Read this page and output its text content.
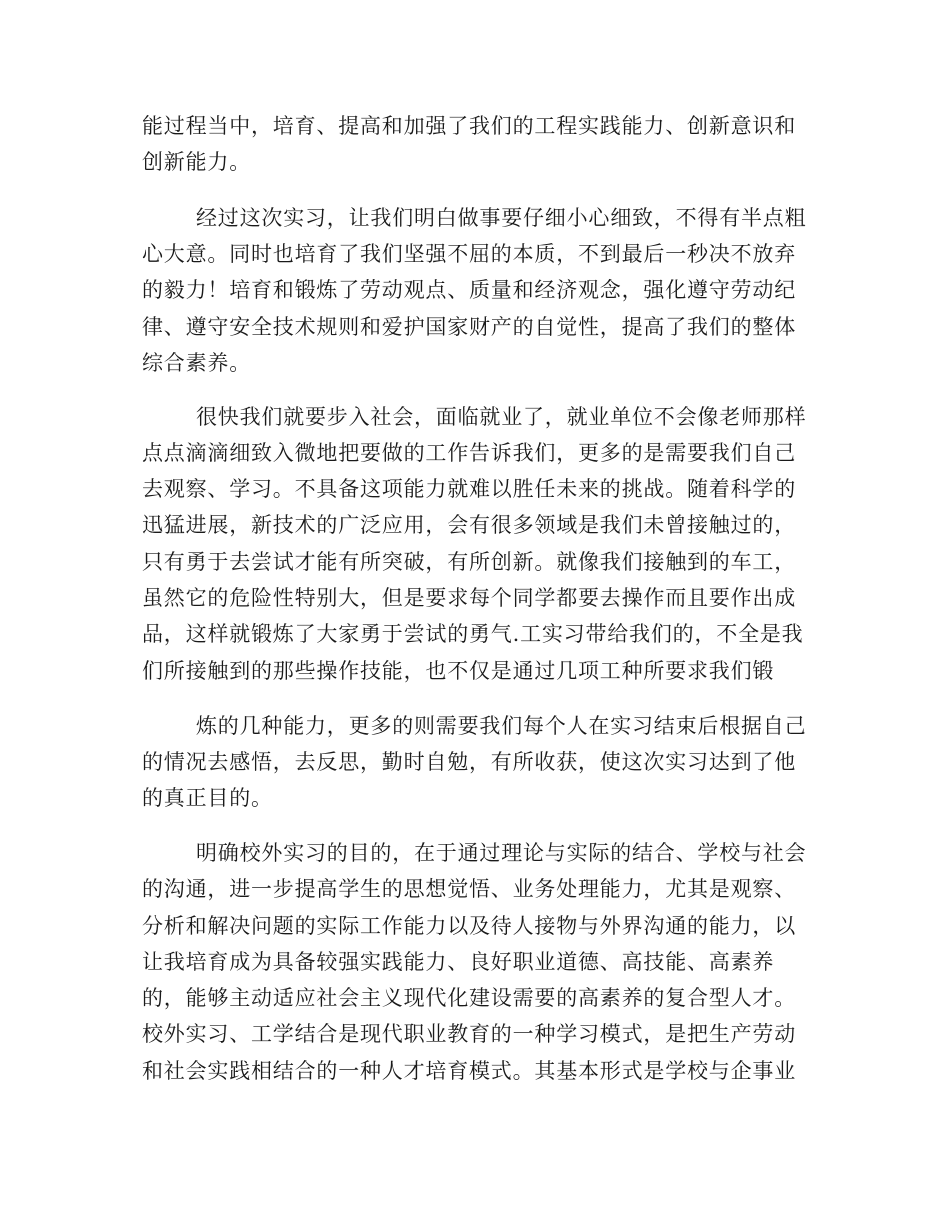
能过程当中，培育、提高和加强了我们的工程实践能力、创新意识和
创新能力。
经过这次实习，让我们明白做事要仔细小心细致，不得有半点粗
心大意。同时也培育了我们坚强不屈的本质，不到最后一秒决不放弃
的毅力！培育和锻炼了劳动观点、质量和经济观念，强化遵守劳动纪
律、遵守安全技术规则和爱护国家财产的自觉性，提高了我们的整体
综合素养。
很快我们就要步入社会，面临就业了，就业单位不会像老师那样
点点滴滴细致入微地把要做的工作告诉我们，更多的是需要我们自己
去观察、学习。不具备这项能力就难以胜任未来的挑战。随着科学的
迅猛进展，新技术的广泛应用，会有很多领域是我们未曾接触过的，
只有勇于去尝试才能有所突破，有所创新。就像我们接触到的车工，
虽然它的危险性特别大，但是要求每个同学都要去操作而且要作出成
品，这样就锻炼了大家勇于尝试的勇气.工实习带给我们的，不全是我
们所接触到的那些操作技能，也不仅是通过几项工种所要求我们锻
炼的几种能力，更多的则需要我们每个人在实习结束后根据自己
的情况去感悟，去反思，勤时自勉，有所收获，使这次实习达到了他
的真正目的。
明确校外实习的目的，在于通过理论与实际的结合、学校与社会
的沟通，进一步提高学生的思想觉悟、业务处理能力，尤其是观察、
分析和解决问题的实际工作能力以及待人接物与外界沟通的能力，以
让我培育成为具备较强实践能力、良好职业道德、高技能、高素养
的，能够主动适应社会主义现代化建设需要的高素养的复合型人才。
校外实习、工学结合是现代职业教育的一种学习模式，是把生产劳动
和社会实践相结合的一种人才培育模式。其基本形式是学校与企事业
